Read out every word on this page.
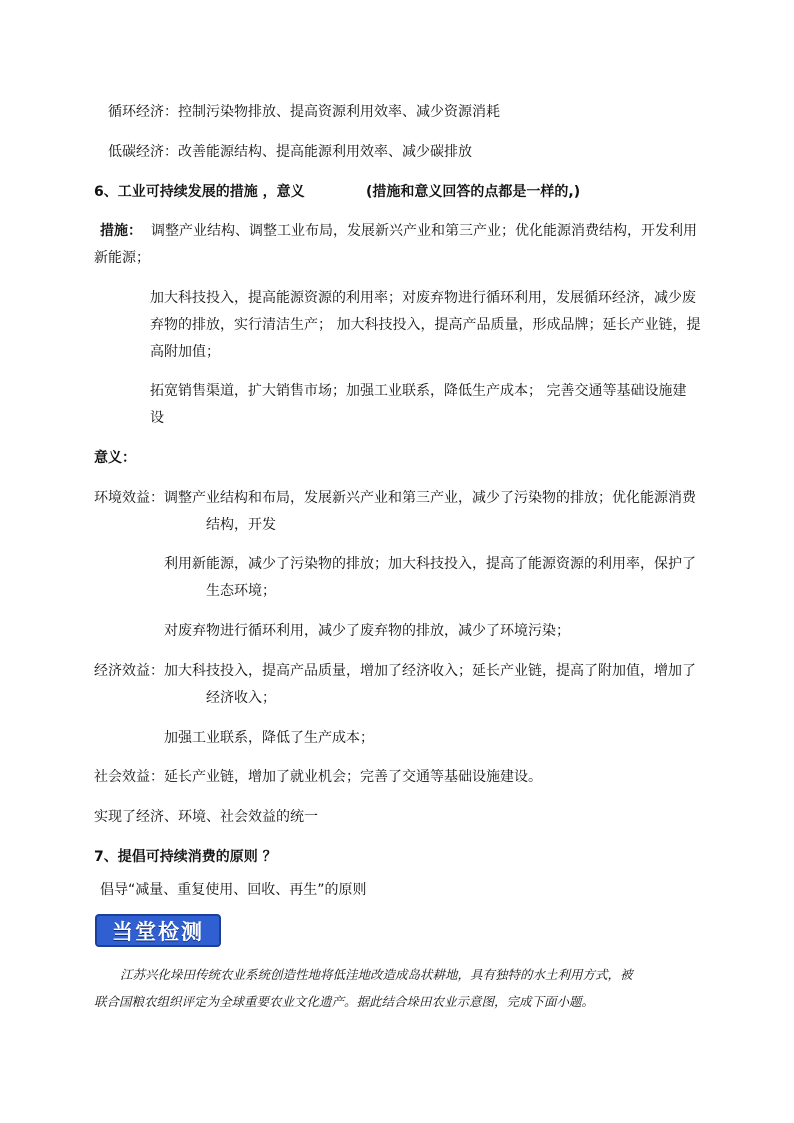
循环经济：控制污染物排放、提高资源利用效率、减少资源消耗

低碳经济：改善能源结构、提高能源利用效率、减少碳排放

6、工业可持续发展的措施 ，意义	(措施和意义回答的点都是一样的,)

措施： 调整产业结构、调整工业布局，发展新兴产业和第三产业；优化能源消费结构，开发利用

新能源；

加大科技投入，提高能源资源的利用率；对废弃物进行循环利用，发展循环经济，减少废

弃物的排放，实行清洁生产； 加大科技投入，提高产品质量，形成品牌；延长产业链，提

高附加值；

拓宽销售渠道，扩大销售市场；加强工业联系，降低生产成本； 完善交通等基础设施建

设

意义：

环境效益：调整产业结构和布局，发展新兴产业和第三产业，减少了污染物的排放；优化能源消费

结构，开发

利用新能源，减少了污染物的排放；加大科技投入，提高了能源资源的利用率，保护了

生态环境；

对废弃物进行循环利用，减少了废弃物的排放，减少了环境污染；

经济效益：加大科技投入，提高产品质量，增加了经济收入；延长产业链，提高了附加值，增加了

经济收入；

加强工业联系，降低了生产成本；

社会效益：延长产业链，增加了就业机会；完善了交通等基础设施建设。

实现了经济、环境、社会效益的统一

7、提倡可持续消费的原则 ？

倡导“减量、重复使用、回收、再生”的原则

当堂检测

江苏兴化垛田传统农业系统创造性地将低洼地改造成岛状耕地，具有独特的水土利用方式，被

联合国粮农组织评定为全球重要农业文化遗产。据此结合垛田农业示意图，完成下面小题。
